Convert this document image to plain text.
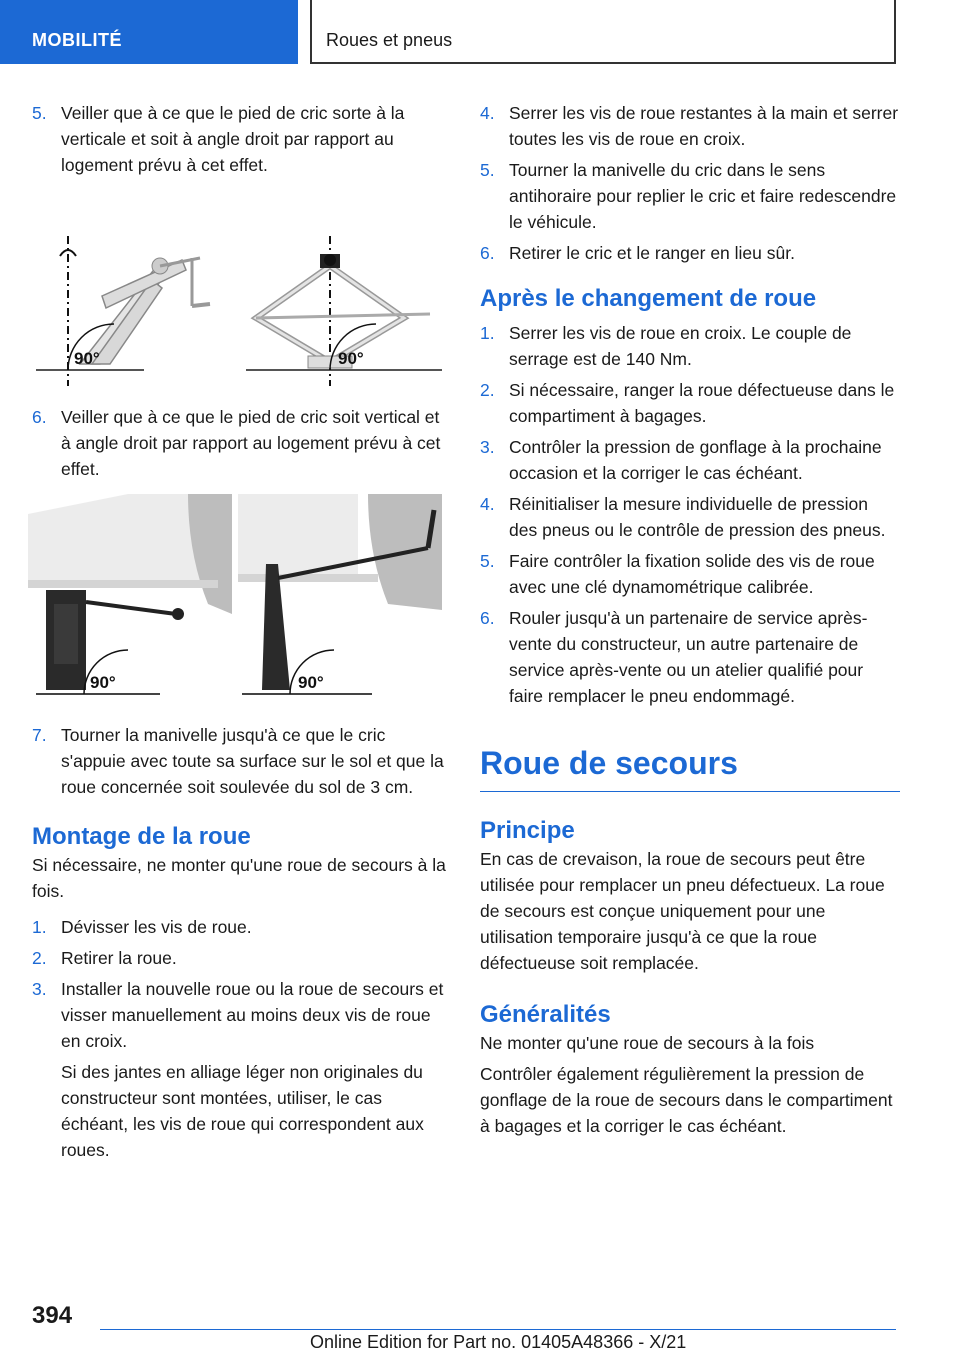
MOBILITÉ	Roues et pneus
5. Veiller que à ce que le pied de cric sorte à la verticale et soit à angle droit par rapport au logement prévu à cet effet.
90°	90°
6. Veiller que à ce que le pied de cric soit vertical et à angle droit par rapport au logement prévu à cet effet.
90°	90°
7. Tourner la manivelle jusqu'à ce que le cric s'appuie avec toute sa surface sur le sol et que la roue concernée soit soulevée du sol de 3 cm.
Montage de la roue
Si nécessaire, ne monter qu'une roue de secours à la fois.
1. Dévisser les vis de roue.
2. Retirer la roue.
3. Installer la nouvelle roue ou la roue de secours et visser manuellement au moins deux vis de roue en croix.
Si des jantes en alliage léger non originales du constructeur sont montées, utiliser, le cas échéant, les vis de roue qui correspondent aux roues.
4. Serrer les vis de roue restantes à la main et serrer toutes les vis de roue en croix.
5. Tourner la manivelle du cric dans le sens antihoraire pour replier le cric et faire redescendre le véhicule.
6. Retirer le cric et le ranger en lieu sûr.
Après le changement de roue
1. Serrer les vis de roue en croix. Le couple de serrage est de 140 Nm.
2. Si nécessaire, ranger la roue défectueuse dans le compartiment à bagages.
3. Contrôler la pression de gonflage à la prochaine occasion et la corriger le cas échéant.
4. Réinitialiser la mesure individuelle de pression des pneus ou le contrôle de pression des pneus.
5. Faire contrôler la fixation solide des vis de roue avec une clé dynamométrique calibrée.
6. Rouler jusqu'à un partenaire de service après-vente du constructeur, un autre partenaire de service après-vente ou un atelier qualifié pour faire remplacer le pneu endommagé.
Roue de secours
Principe
En cas de crevaison, la roue de secours peut être utilisée pour remplacer un pneu défectueux. La roue de secours est conçue uniquement pour une utilisation temporaire jusqu'à ce que la roue défectueuse soit remplacée.
Généralités
Ne monter qu'une roue de secours à la fois
Contrôler également régulièrement la pression de gonflage de la roue de secours dans le compartiment à bagages et la corriger le cas échéant.
394
Online Edition for Part no. 01405A48366 - X/21
